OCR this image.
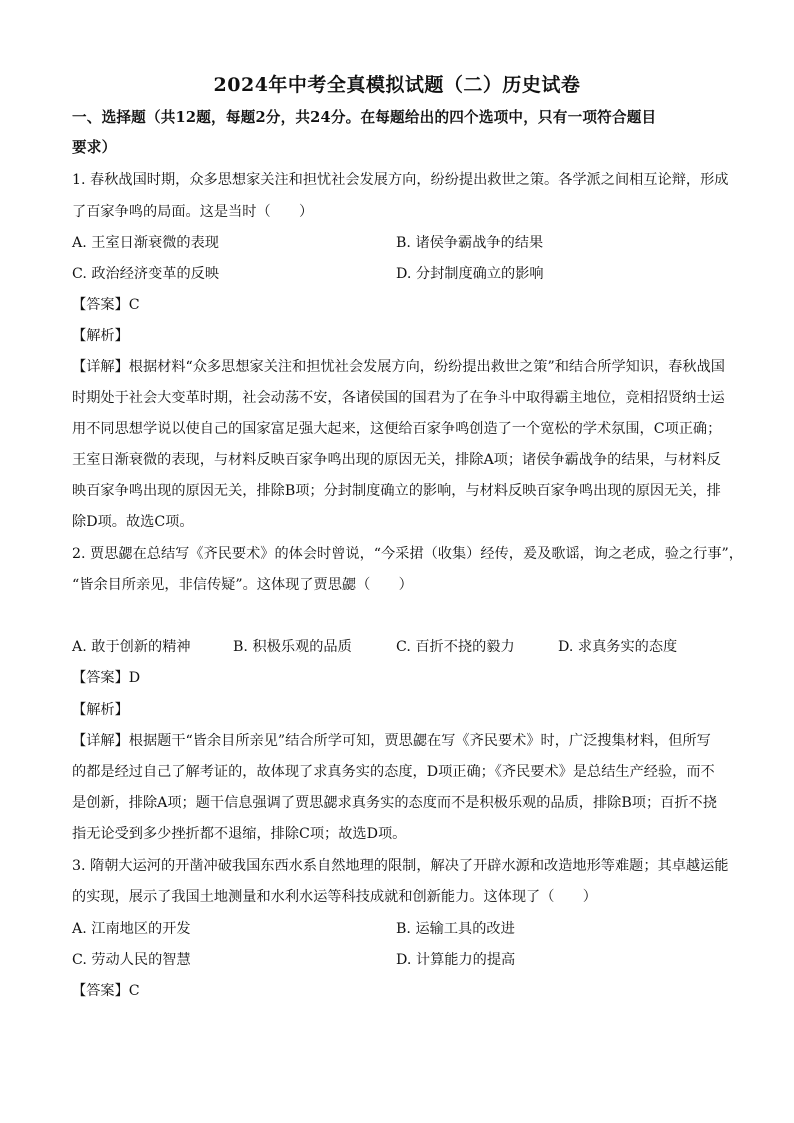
2024年中考全真模拟试题（二）历史试卷
一、选择题（共12题，每题2分，共24分。在每题给出的四个选项中，只有一项符合题目
要求）
1. 春秋战国时期，众多思想家关注和担忧社会发展方向，纷纷提出救世之策。各学派之间相互论辩，形成
了百家争鸣的局面。这是当时（　　）
A. 王室日渐衰微的表现	B. 诸侯争霸战争的结果
C. 政治经济变革的反映	D. 分封制度确立的影响
【答案】C
【解析】
【详解】根据材料“众多思想家关注和担忧社会发展方向，纷纷提出救世之策”和结合所学知识，春秋战国
时期处于社会大变革时期，社会动荡不安，各诸侯国的国君为了在争斗中取得霸主地位，竞相招贤纳士运
用不同思想学说以使自己的国家富足强大起来，这便给百家争鸣创造了一个宽松的学术氛围，C项正确；
王室日渐衰微的表现，与材料反映百家争鸣出现的原因无关，排除A项；诸侯争霸战争的结果，与材料反
映百家争鸣出现的原因无关，排除B项；分封制度确立的影响，与材料反映百家争鸣出现的原因无关，排
除D项。故选C项。
2. 贾思勰在总结写《齐民要术》的体会时曾说，“今采捃（收集）经传，爰及歌谣，询之老成，验之行事”，
“皆余目所亲见，非信传疑”。这体现了贾思勰（　　）
A. 敢于创新的精神	B. 积极乐观的品质	C. 百折不挠的毅力	D. 求真务实的态度
【答案】D
【解析】
【详解】根据题干“皆余目所亲见”结合所学可知，贾思勰在写《齐民要术》时，广泛搜集材料，但所写
的都是经过自己了解考证的，故体现了求真务实的态度，D项正确；《齐民要术》是总结生产经验，而不
是创新，排除A项；题干信息强调了贾思勰求真务实的态度而不是积极乐观的品质，排除B项；百折不挠
指无论受到多少挫折都不退缩，排除C项；故选D项。
3. 隋朝大运河的开凿冲破我国东西水系自然地理的限制，解决了开辟水源和改造地形等难题；其卓越运能
的实现，展示了我国土地测量和水利水运等科技成就和创新能力。这体现了（　　）
A. 江南地区的开发	B. 运输工具的改进
C. 劳动人民的智慧	D. 计算能力的提高
【答案】C
